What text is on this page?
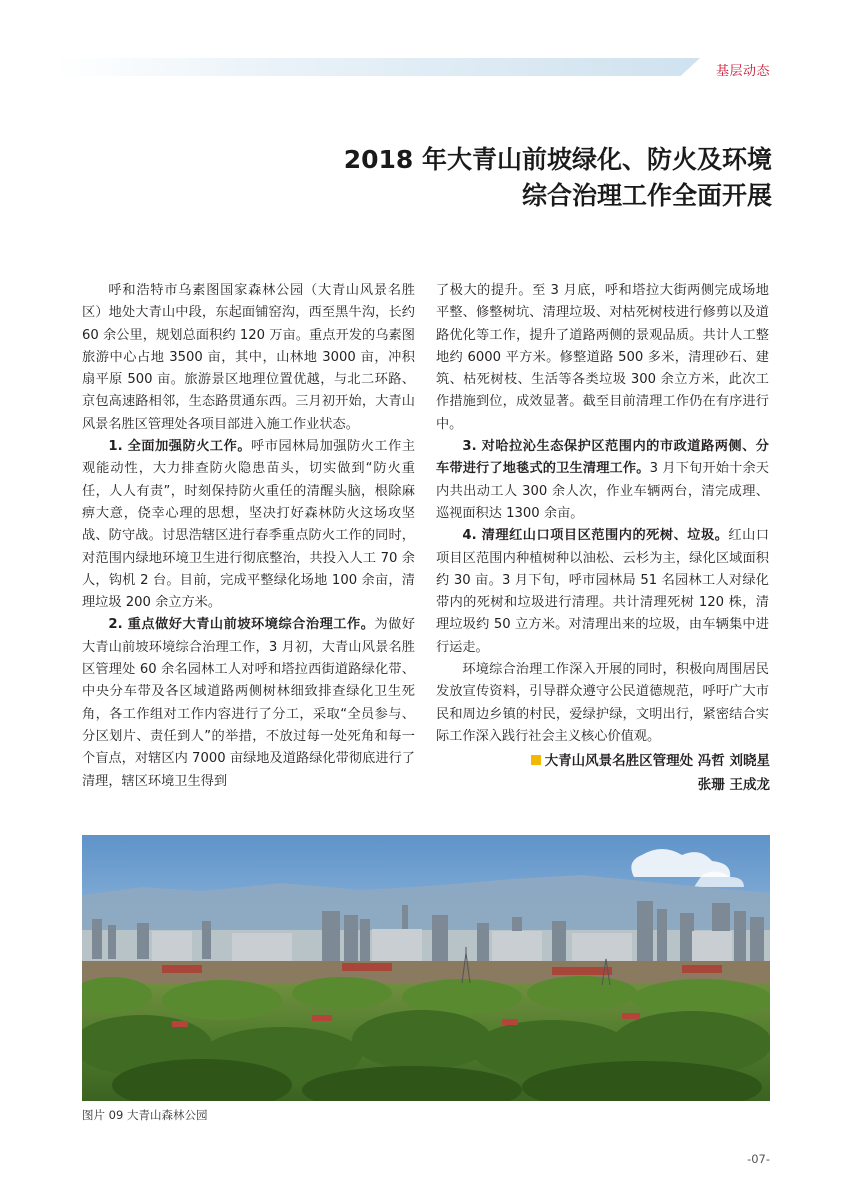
基层动态
2018 年大青山前坡绿化、防火及环境
综合治理工作全面开展

呼和浩特市乌素图国家森林公园（大青山风景名胜区）地处大青山中段，东起面铺窑沟，西至黑牛沟，长约 60 余公里，规划总面积约 120 万亩。重点开发的乌素图旅游中心占地 3500 亩，其中，山林地 3000 亩，冲积扇平原 500 亩。旅游景区地理位置优越，与北二环路、京包高速路相邻，生态路贯通东西。三月初开始，大青山风景名胜区管理处各项目部进入施工作业状态。

1. 全面加强防火工作。呼市园林局加强防火工作主观能动性，大力排查防火隐患苗头，切实做到“防火重任，人人有责”，时刻保持防火重任的清醒头脑，根除麻痹大意，侥幸心理的思想，坚决打好森林防火这场攻坚战、防守战。讨思浩辖区进行春季重点防火工作的同时，对范围内绿地环境卫生进行彻底整治，共投入人工 70 余人，钩机 2 台。目前，完成平整绿化场地 100 余亩，清理垃圾 200 余立方米。

2. 重点做好大青山前坡环境综合治理工作。为做好大青山前坡环境综合治理工作，3 月初，大青山风景名胜区管理处 60 余名园林工人对呼和塔拉西街道路绿化带、中央分车带及各区域道路两侧树林细致排查绿化卫生死角，各工作组对工作内容进行了分工，采取“全员参与、分区划片、责任到人”的举措，不放过每一处死角和每一个盲点，对辖区内 7000 亩绿地及道路绿化带彻底进行了清理，辖区环境卫生得到

了极大的提升。至 3 月底，呼和塔拉大街两侧完成场地平整、修整树坑、清理垃圾、对枯死树枝进行修剪以及道路优化等工作，提升了道路两侧的景观品质。共计人工整地约 6000 平方米。修整道路 500 多米，清理砂石、建筑、枯死树枝、生活等各类垃圾 300 余立方米，此次工作措施到位，成效显著。截至目前清理工作仍在有序进行中。

3. 对哈拉沁生态保护区范围内的市政道路两侧、分车带进行了地毯式的卫生清理工作。3 月下旬开始十余天内共出动工人 300 余人次，作业车辆两台，清完成理、巡视面积达 1300 余亩。

4. 清理红山口项目区范围内的死树、垃圾。红山口项目区范围内种植树种以油松、云杉为主，绿化区域面积约 30 亩。3 月下旬，呼市园林局 51 名园林工人对绿化带内的死树和垃圾进行清理。共计清理死树 120 株，清理垃圾约 50 立方米。对清理出来的垃圾，由车辆集中进行运走。

环境综合治理工作深入开展的同时，积极向周围居民发放宣传资料，引导群众遵守公民道德规范，呼吁广大市民和周边乡镇的村民，爱绿护绿，文明出行，紧密结合实际工作深入践行社会主义核心价值观。

大青山风景名胜区管理处 冯哲 刘晓星
张珊 王成龙
图片 09 大青山森林公园
-07-
